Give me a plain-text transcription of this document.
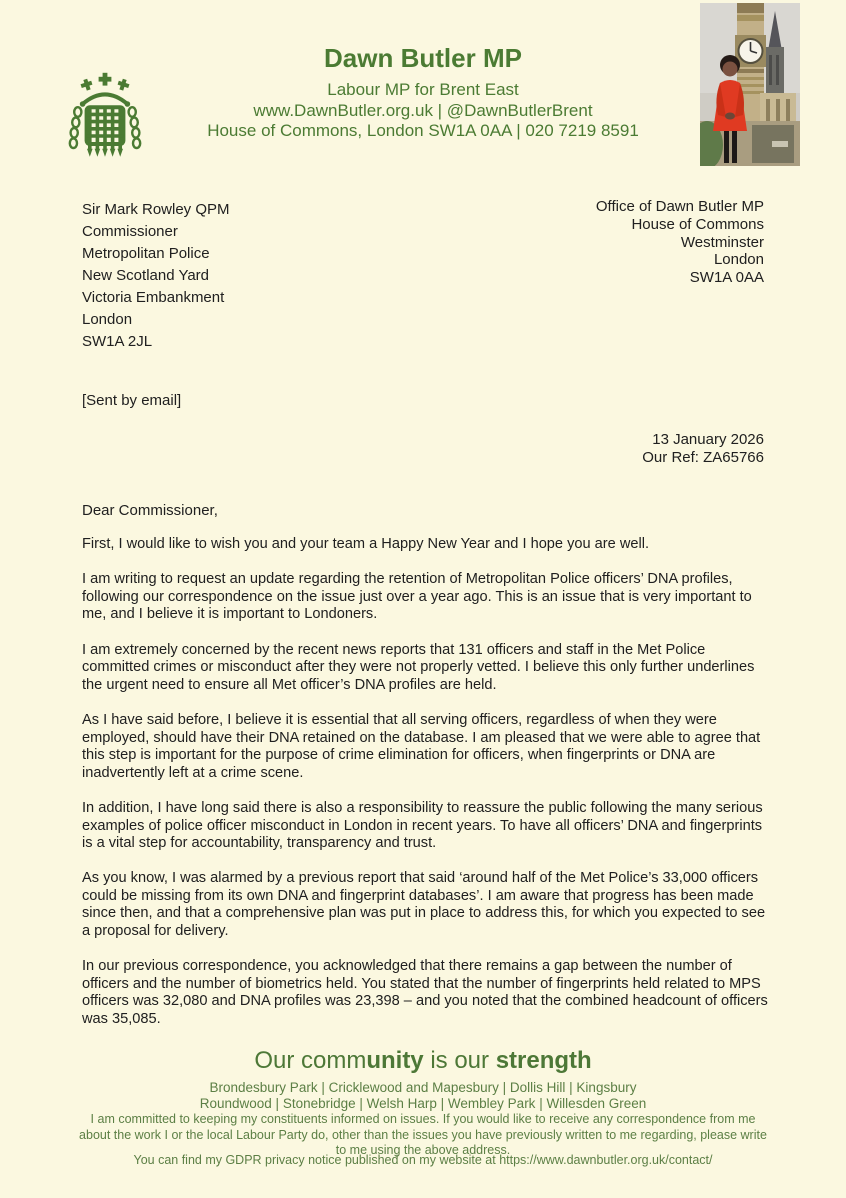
Dawn Butler MP
Labour MP for Brent East
www.DawnButler.org.uk | @DawnButlerBrent
House of Commons, London SW1A 0AA | 020 7219 8591
Sir Mark Rowley QPM
Commissioner
Metropolitan Police
New Scotland Yard
Victoria Embankment
London
SW1A 2JL
Office of Dawn Butler MP
House of Commons
Westminster
London
SW1A 0AA
[Sent by email]
13 January 2026
Our Ref: ZA65766
Dear Commissioner,

First, I would like to wish you and your team a Happy New Year and I hope you are well.

I am writing to request an update regarding the retention of Metropolitan Police officers’ DNA profiles, following our correspondence on the issue just over a year ago. This is an issue that is very important to me, and I believe it is important to Londoners.

I am extremely concerned by the recent news reports that 131 officers and staff in the Met Police committed crimes or misconduct after they were not properly vetted. I believe this only further underlines the urgent need to ensure all Met officer’s DNA profiles are held.

As I have said before, I believe it is essential that all serving officers, regardless of when they were employed, should have their DNA retained on the database. I am pleased that we were able to agree that this step is important for the purpose of crime elimination for officers, when fingerprints or DNA are inadvertently left at a crime scene.

In addition, I have long said there is also a responsibility to reassure the public following the many serious examples of police officer misconduct in London in recent years. To have all officers’ DNA and fingerprints is a vital step for accountability, transparency and trust.

As you know, I was alarmed by a previous report that said ‘around half of the Met Police’s 33,000 officers could be missing from its own DNA and fingerprint databases’. I am aware that progress has been made since then, and that a comprehensive plan was put in place to address this, for which you expected to see a proposal for delivery.

In our previous correspondence, you acknowledged that there remains a gap between the number of officers and the number of biometrics held. You stated that the number of fingerprints held related to MPS officers was 32,080 and DNA profiles was 23,398 – and you noted that the combined headcount of officers was 35,085.

Our community is our strength
Brondesbury Park | Cricklewood and Mapesbury | Dollis Hill | Kingsbury
Roundwood | Stonebridge | Welsh Harp | Wembley Park | Willesden Green
I am committed to keeping my constituents informed on issues. If you would like to receive any correspondence from me about the work I or the local Labour Party do, other than the issues you have previously written to me regarding, please write to me using the above address.
You can find my GDPR privacy notice published on my website at https://www.dawnbutler.org.uk/contact/
